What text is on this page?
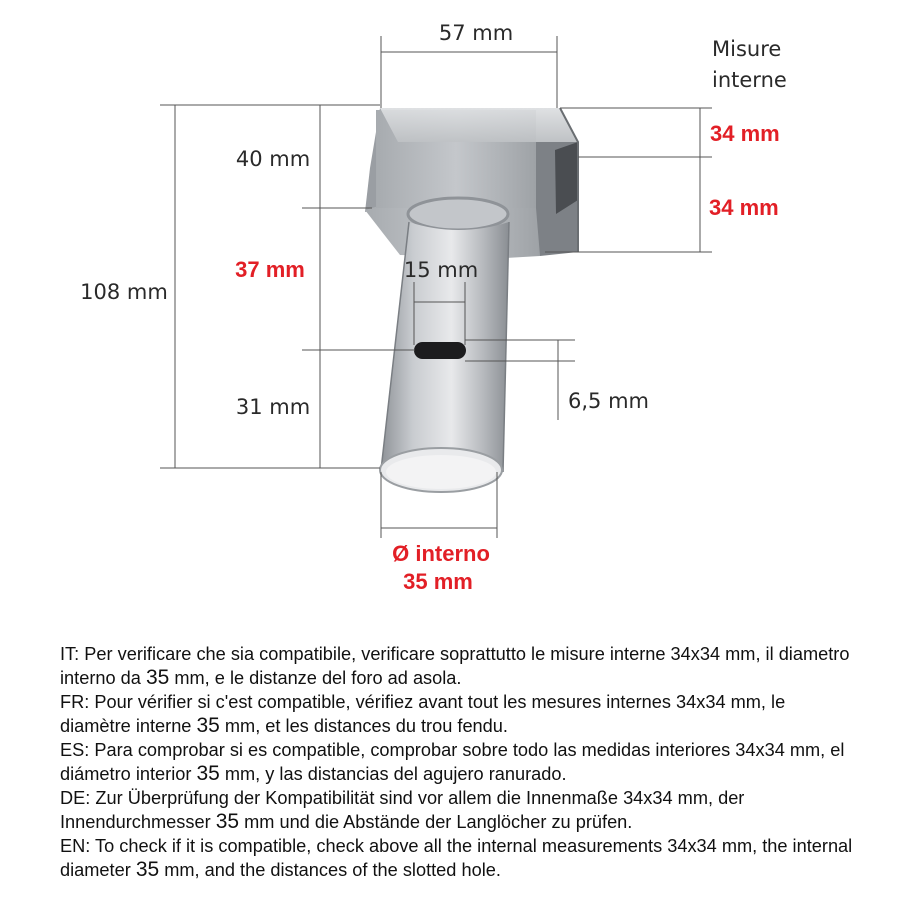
57 mm
Misure
interne
34 mm
34 mm
40 mm
37 mm
108 mm
31 mm
15 mm
6,5 mm
Ø interno
35 mm

IT: Per verificare che sia compatibile, verificare soprattutto le misure interne 34x34 mm, il diametro interno da 35 mm, e le distanze del foro ad asola.

FR: Pour vérifier si c'est compatible, vérifiez avant tout les mesures internes 34x34 mm, le diamètre interne 35 mm, et les distances du trou fendu.

ES: Para comprobar si es compatible, comprobar sobre todo las medidas interiores 34x34 mm, el diámetro interior 35 mm, y las distancias del agujero ranurado.

DE: Zur Überprüfung der Kompatibilität sind vor allem die Innenmaße 34x34 mm, der Innendurchmesser 35 mm und die Abstände der Langlöcher zu prüfen.

EN: To check if it is compatible, check above all the internal measurements 34x34 mm, the internal diameter 35 mm, and the distances of the slotted hole.
